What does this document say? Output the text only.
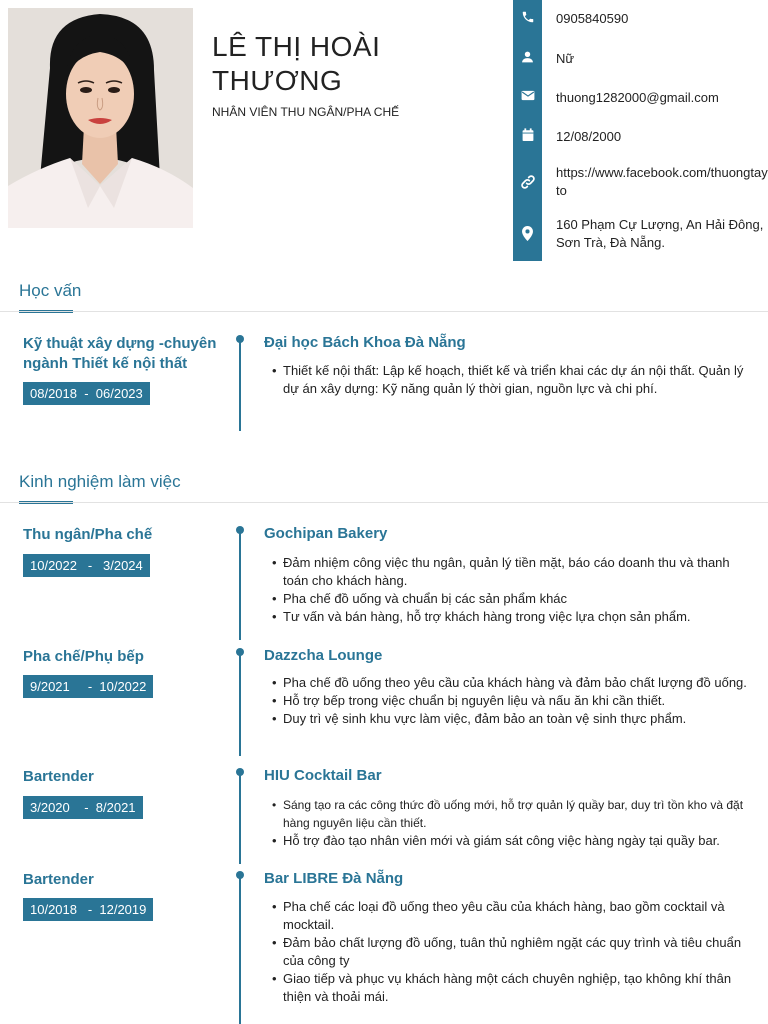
LÊ THỊ HOÀI THƯƠNG
NHÂN VIÊN THU NGÂN/PHA CHẾ
0905840590
Nữ
thuong1282000@gmail.com
12/08/2000
https://www.facebook.com/thuongtayto
160 Phạm Cự Lượng, An Hải Đông, Sơn Trà, Đà Nẵng.
Học vấn
Kỹ thuật xây dựng -chuyên ngành Thiết kế nội thất
08/2018  -  06/2023
Đại học Bách Khoa Đà Nẵng
• Thiết kế nội thất: Lập kế hoạch, thiết kế và triển khai các dự án nội thất. Quản lý dự án xây dựng: Kỹ năng quản lý thời gian, nguồn lực và chi phí.
Kinh nghiệm làm việc
Thu ngân/Pha chế
10/2022   -   3/2024
Gochipan Bakery
• Đảm nhiệm công việc thu ngân, quản lý tiền mặt, báo cáo doanh thu và thanh toán cho khách hàng.
• Pha chế đồ uống và chuẩn bị các sản phẩm khác
• Tư vấn và bán hàng, hỗ trợ khách hàng trong việc lựa chọn sản phẩm.
Pha chế/Phụ bếp
9/2021     -  10/2022
Dazzcha Lounge
• Pha chế đồ uống theo yêu cầu của khách hàng và đảm bảo chất lượng đồ uống.
• Hỗ trợ bếp trong việc chuẩn bị nguyên liệu và nấu ăn khi cần thiết.
• Duy trì vệ sinh khu vực làm việc, đảm bảo an toàn vệ sinh thực phẩm.
Bartender
3/2020    -  8/2021
HIU Cocktail Bar
• Sáng tạo ra các công thức đồ uống mới, hỗ trợ quản lý quầy bar, duy trì tồn kho và đặt hàng nguyên liệu cần thiết.
• Hỗ trợ đào tạo nhân viên mới và giám sát công việc hàng ngày tại quầy bar.
Bartender
10/2018   -  12/2019
Bar LIBRE Đà Nẵng
• Pha chế các loại đồ uống theo yêu cầu của khách hàng, bao gồm cocktail và mocktail.
• Đảm bảo chất lượng đồ uống, tuân thủ nghiêm ngặt các quy trình và tiêu chuẩn của công ty
• Giao tiếp và phục vụ khách hàng một cách chuyên nghiệp, tạo không khí thân thiện và thoải mái.
